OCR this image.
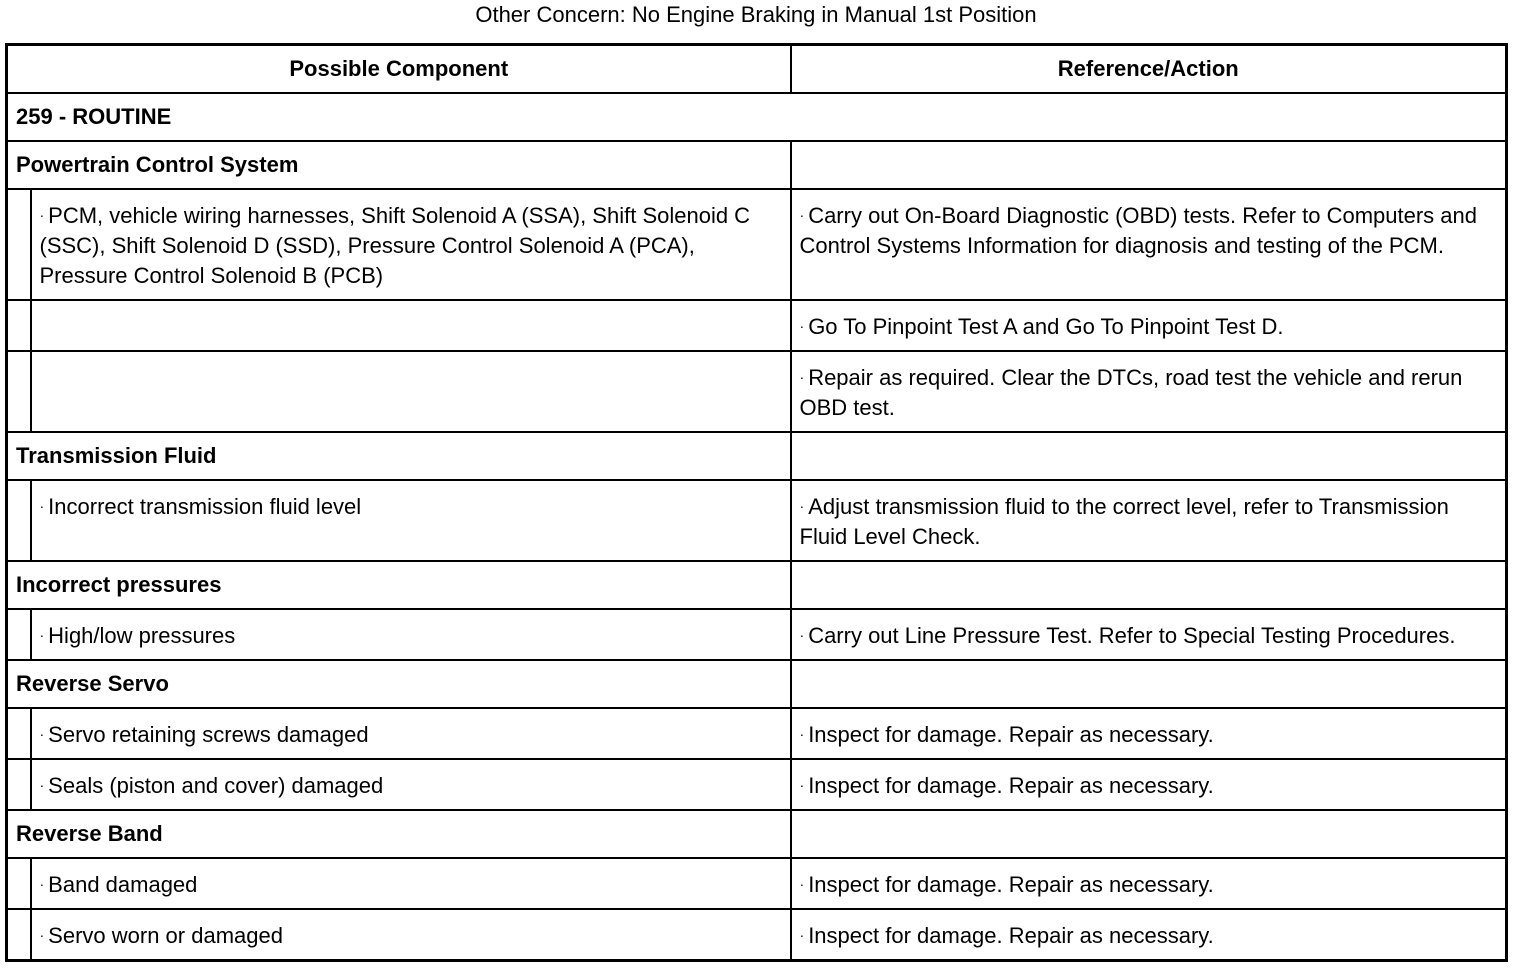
Other Concern: No Engine Braking in Manual 1st Position
Possible Component		Reference/Action
259 - ROUTINE		
Powertrain Control System		
	· PCM, vehicle wiring harnesses, Shift Solenoid A (SSA), Shift Solenoid C (SSC), Shift Solenoid D (SSD), Pressure Control Solenoid A (PCA), Pressure Control Solenoid B (PCB)	· Carry out On-Board Diagnostic (OBD) tests. Refer to Computers and Control Systems Information for diagnosis and testing of the PCM.
		· Go To Pinpoint Test A and Go To Pinpoint Test D.
		· Repair as required. Clear the DTCs, road test the vehicle and rerun OBD test.
Transmission Fluid		
	· Incorrect transmission fluid level	· Adjust transmission fluid to the correct level, refer to Transmission Fluid Level Check.
Incorrect pressures		
	· High/low pressures	· Carry out Line Pressure Test. Refer to Special Testing Procedures.
Reverse Servo		
	· Servo retaining screws damaged	· Inspect for damage. Repair as necessary.
	· Seals (piston and cover) damaged	· Inspect for damage. Repair as necessary.
Reverse Band		
	· Band damaged	· Inspect for damage. Repair as necessary.
	· Servo worn or damaged	· Inspect for damage. Repair as necessary.
